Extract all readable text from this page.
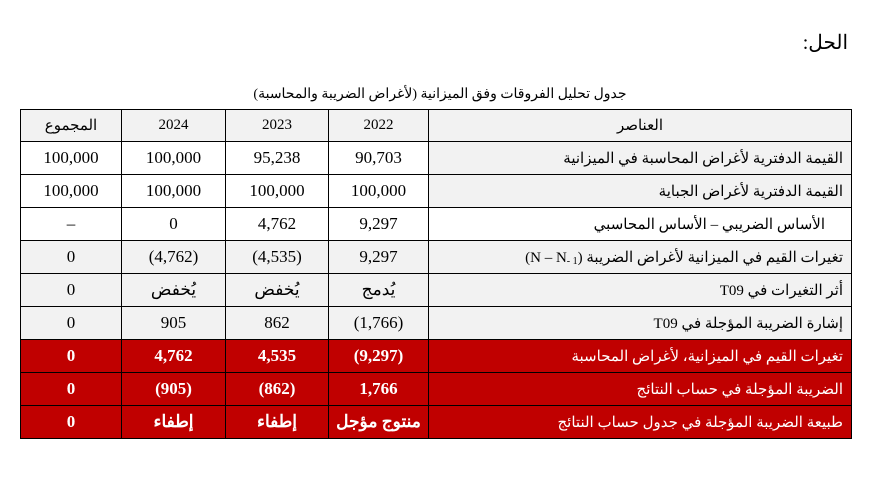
الحل:
جدول تحليل الفروقات وفق الميزانية (لأغراض الضريبة والمحاسبة)
المجموع	2024	2023	2022	العناصر
100,000	100,000	95,238	90,703	القيمة الدفترية لأغراض المحاسبة في الميزانية
100,000	100,000	100,000	100,000	القيمة الدفترية لأغراض الجباية
–	0	4,762	9,297	الأساس الضريبي – الأساس المحاسبي
0	(4,762)	(4,535)	9,297	تغيرات القيم في الميزانية لأغراض الضريبة $(N - N_{- 1})$
0	يُخفض	يُخفض	يُدمج	أثر التغيرات في T09
0	905	862	(1,766)	إشارة الضريبة المؤجلة في T09
0	4,762	4,535	(9,297)	تغيرات القيم في الميزانية، لأغراض المحاسبة
0	(905)	(862)	1,766	الضريبة المؤجلة في حساب النتائج
0	إطفاء	إطفاء	منتوج مؤجل	طبيعة الضريبة المؤجلة في جدول حساب النتائج
